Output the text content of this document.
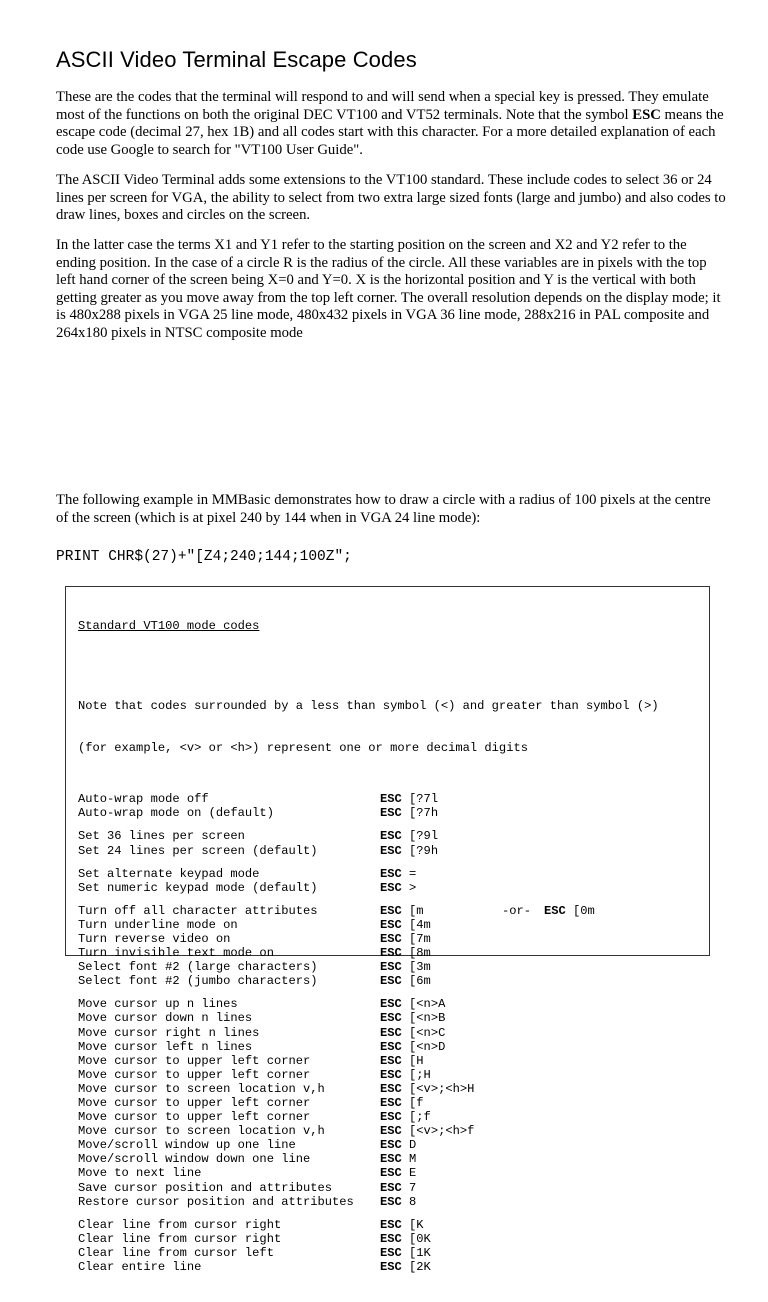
ASCII Video Terminal Escape Codes

These are the codes that the terminal will respond to and will send when a special key is pressed. They emulate most of the functions on both the original DEC VT100 and VT52 terminals. Note that the symbol ESC means the escape code (decimal 27, hex 1B) and all codes start with this character. For a more detailed explanation of each code use Google to search for "VT100 User Guide".

The ASCII Video Terminal adds some extensions to the VT100 standard. These include codes to select 36 or 24 lines per screen for VGA, the ability to select from two extra large sized fonts (large and jumbo) and also codes to draw lines, boxes and circles on the screen.

In the latter case the terms X1 and Y1 refer to the starting position on the screen and X2 and Y2 refer to the ending position. In the case of a circle R is the radius of the circle. All these variables are in pixels with the top left hand corner of the screen being X=0 and Y=0. X is the horizontal position and Y is the vertical with both getting greater as you move away from the top left corner. The overall resolution depends on the display mode; it is 480x288 pixels in VGA 25 line mode, 480x432 pixels in VGA 36 line mode, 288x216 in PAL composite and 264x180 pixels in NTSC composite mode

The following example in MMBasic demonstrates how to draw a circle with a radius of 100 pixels at the centre of the screen (which is at pixel 240 by 144 when in VGA 24 line mode):

PRINT CHR$(27)+"[Z4;240;144;100Z";

Standard VT100 mode codes

Note that codes surrounded by a less than symbol (<) and greater than symbol (>)

(for example, <v> or <h>) represent one or more decimal digits

Auto-wrap mode off	ESC [?7l
Auto-wrap mode on (default)	ESC [?7h
Set 36 lines per screen	ESC [?9l
Set 24 lines per screen (default)	ESC [?9h
Set alternate keypad mode	ESC =
Set numeric keypad mode (default)	ESC >
Turn off all character attributes	ESC [m	-or- ESC [0m
Turn underline mode on	ESC [4m
Turn reverse video on	ESC [7m
Turn invisible text mode on	ESC [8m
Select font #2 (large characters)	ESC [3m
Select font #2 (jumbo characters)	ESC [6m
Move cursor up n lines	ESC [<n>A
Move cursor down n lines	ESC [<n>B
Move cursor right n lines	ESC [<n>C
Move cursor left n lines	ESC [<n>D
Move cursor to upper left corner	ESC [H
Move cursor to upper left corner	ESC [;H
Move cursor to screen location v,h	ESC [<v>;<h>H
Move cursor to upper left corner	ESC [f
Move cursor to upper left corner	ESC [;f
Move cursor to screen location v,h	ESC [<v>;<h>f
Move/scroll window up one line	ESC D
Move/scroll window down one line	ESC M
Move to next line	ESC E
Save cursor position and attributes	ESC 7
Restore cursor position and attributes ESC 8
Clear line from cursor right	ESC [K
Clear line from cursor right	ESC [0K
Clear line from cursor left	ESC [1K
Clear entire line	ESC [2K
